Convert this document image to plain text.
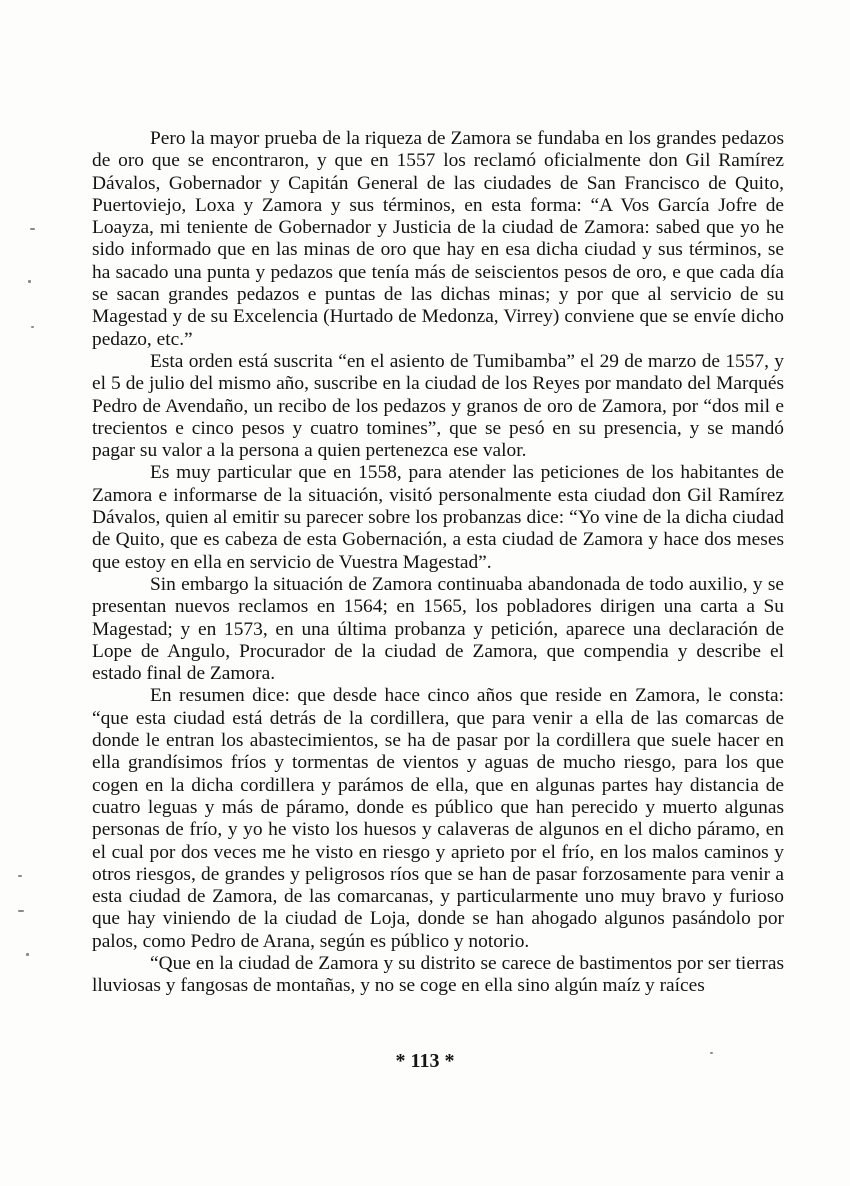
Pero la mayor prueba de la riqueza de Zamora se fundaba en los grandes pedazos de oro que se encontraron, y que en 1557 los reclamó oficialmente don Gil Ramírez Dávalos, Gobernador y Capitán General de las ciudades de San Francisco de Quito, Puertoviejo, Loxa y Zamora y sus términos, en esta forma: “A Vos García Jofre de Loayza, mi teniente de Gobernador y Justicia de la ciudad de Zamora: sabed que yo he sido informado que en las minas de oro que hay en esa dicha ciudad y sus términos, se ha sacado una punta y pedazos que tenía más de seiscientos pesos de oro, e que cada día se sacan grandes pedazos e puntas de las dichas minas; y por que al servicio de su Magestad y de su Excelencia (Hurtado de Medonza, Virrey) conviene que se envíe dicho pedazo, etc.”

Esta orden está suscrita “en el asiento de Tumibamba” el 29 de marzo de 1557, y el 5 de julio del mismo año, suscribe en la ciudad de los Reyes por mandato del Marqués Pedro de Avendaño, un recibo de los pedazos y granos de oro de Zamora, por “dos mil e trecientos e cinco pesos y cuatro tomines”, que se pesó en su presencia, y se mandó pagar su valor a la persona a quien pertenezca ese valor.

Es muy particular que en 1558, para atender las peticiones de los habitantes de Zamora e informarse de la situación, visitó personalmente esta ciudad don Gil Ramírez Dávalos, quien al emitir su parecer sobre los probanzas dice: “Yo vine de la dicha ciudad de Quito, que es cabeza de esta Gobernación, a esta ciudad de Zamora y hace dos meses que estoy en ella en servicio de Vuestra Magestad”.

Sin embargo la situación de Zamora continuaba abandonada de todo auxilio, y se presentan nuevos reclamos en 1564; en 1565, los pobladores dirigen una carta a Su Magestad; y en 1573, en una última probanza y petición, aparece una declaración de Lope de Angulo, Procurador de la ciudad de Zamora, que compendia y describe el estado final de Zamora.

En resumen dice: que desde hace cinco años que reside en Zamora, le consta: “que esta ciudad está detrás de la cordillera, que para venir a ella de las comarcas de donde le entran los abastecimientos, se ha de pasar por la cordillera que suele hacer en ella grandísimos fríos y tormentas de vientos y aguas de mucho riesgo, para los que cogen en la dicha cordillera y parámos de ella, que en algunas partes hay distancia de cuatro leguas y más de páramo, donde es público que han perecido y muerto algunas personas de frío, y yo he visto los huesos y calaveras de algunos en el dicho páramo, en el cual por dos veces me he visto en riesgo y aprieto por el frío, en los malos caminos y otros riesgos, de grandes y peligrosos ríos que se han de pasar forzosamente para venir a esta ciudad de Zamora, de las comarcanas, y particularmente uno muy bravo y furioso que hay viniendo de la ciudad de Loja, donde se han ahogado algunos pasándolo por palos, como Pedro de Arana, según es público y notorio.

“Que en la ciudad de Zamora y su distrito se carece de bastimentos por ser tierras lluviosas y fangosas de montañas, y no se coge en ella sino algún maíz y raíces

* 113 *
